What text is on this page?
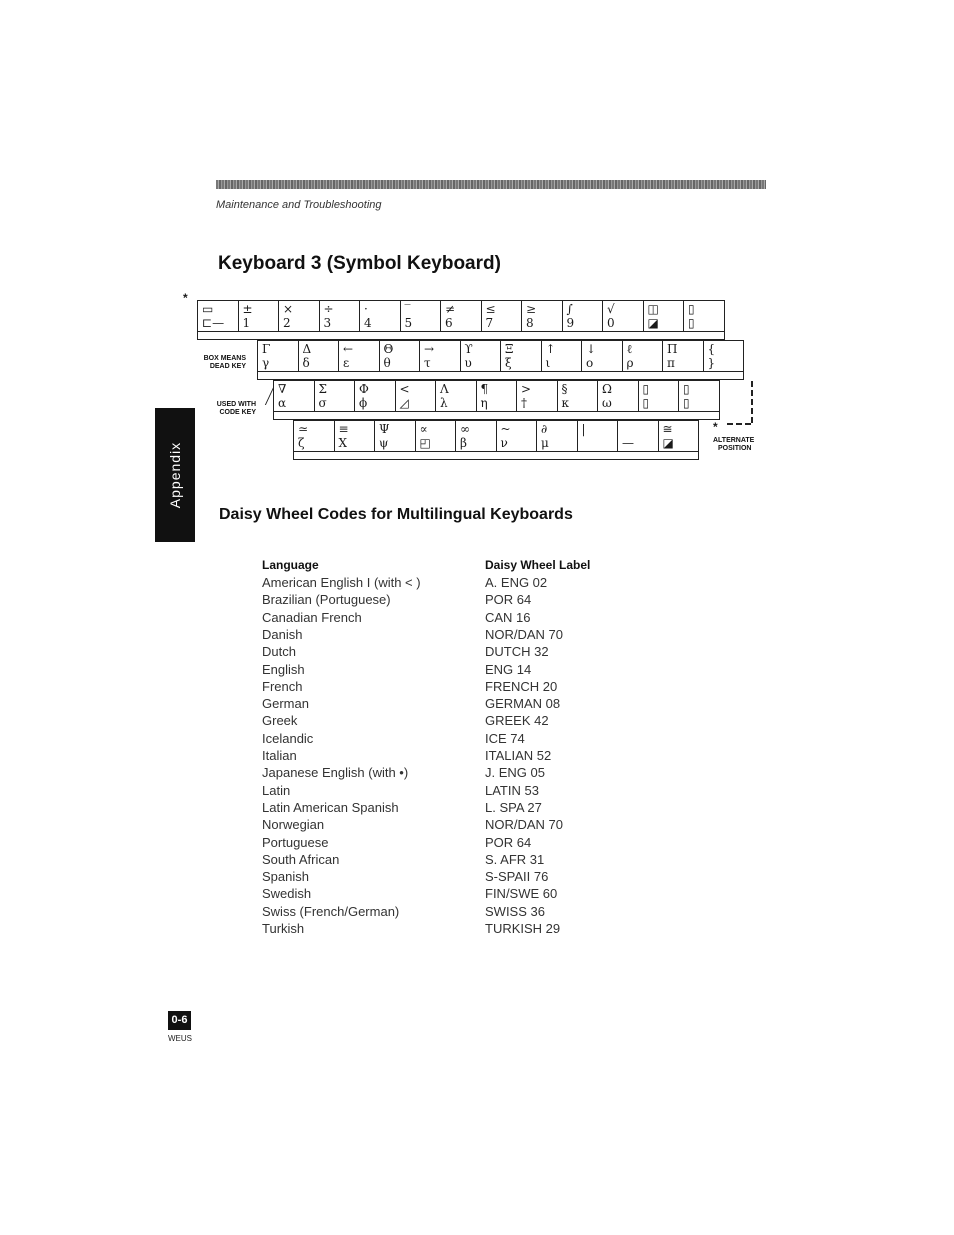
Maintenance and Troubleshooting
Keyboard 3 (Symbol Keyboard)
Appendix
*
BOX MEANS
DEAD KEY
USED WITH
CODE KEY
ALTERNATE
POSITION
*
▭
⊏—
±
1
×
2
÷
3
·
4
‾
5
≠
6
≤
7
≥
8
∫
9
√
0
◫
◪
▯
▯
Γ
γ
Δ
δ
←
ε
Θ
θ
→
τ
ϒ
υ
Ξ
ξ
↑
ι
↓
ο
ℓ
ρ
Π
π
{
}
∇
α
Σ
σ
Φ
ϕ
<
◿
Λ
λ
¶
η
>
†
§
κ
Ω
ω
▯
▯
▯
▯
≃
ζ
≡
X
Ψ
ψ
∝
◰
∞
β
~
ν
∂
μ
|
—
≅
◪
Daisy Wheel Codes for Multilingual Keyboards
Language	Daisy Wheel Label
American English I (with < )	A. ENG 02
Brazilian (Portuguese)	POR 64
Canadian French	CAN 16
Danish	NOR/DAN 70
Dutch	DUTCH 32
English	ENG 14
French	FRENCH 20
German	GERMAN 08
Greek	GREEK 42
Icelandic	ICE 74
Italian	ITALIAN 52
Japanese English (with •)	J. ENG 05
Latin	LATIN 53
Latin American Spanish	L. SPA 27
Norwegian	NOR/DAN 70
Portuguese	POR 64
South African	S. AFR 31
Spanish	S-SPAII 76
Swedish	FIN/SWE 60
Swiss (French/German)	SWISS 36
Turkish	TURKISH 29
0-6
WEUS
